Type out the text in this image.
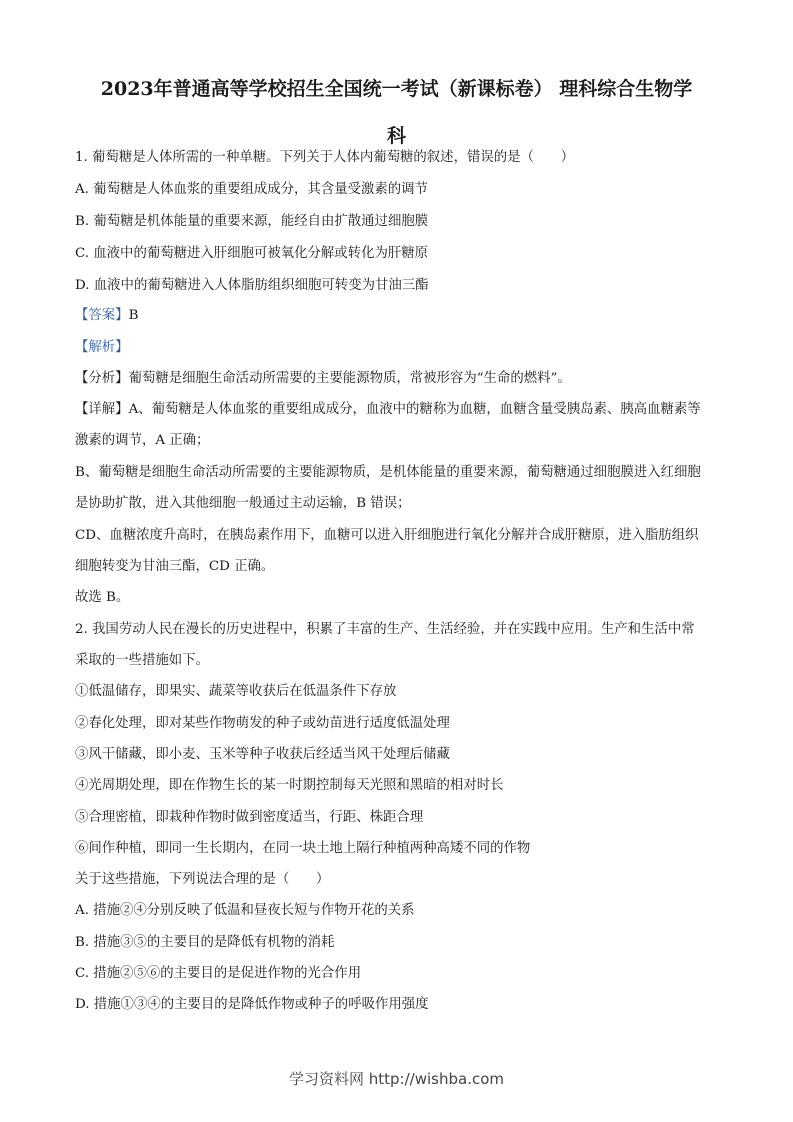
2023年普通高等学校招生全国统一考试（新课标卷） 理科综合生物学
科
1. 葡萄糖是人体所需的一种单糖。下列关于人体内葡萄糖的叙述，错误的是（　　）
A. 葡萄糖是人体血浆的重要组成成分，其含量受激素的调节
B. 葡萄糖是机体能量的重要来源，能经自由扩散通过细胞膜
C. 血液中的葡萄糖进入肝细胞可被氧化分解或转化为肝糖原
D. 血液中的葡萄糖进入人体脂肪组织细胞可转变为甘油三酯
【答案】B
【解析】
【分析】葡萄糖是细胞生命活动所需要的主要能源物质，常被形容为“生命的燃料”。
【详解】A、葡萄糖是人体血浆的重要组成成分，血液中的糖称为血糖，血糖含量受胰岛素、胰高血糖素等
激素的调节，A 正确；
B、葡萄糖是细胞生命活动所需要的主要能源物质，是机体能量的重要来源，葡萄糖通过细胞膜进入红细胞
是协助扩散，进入其他细胞一般通过主动运输，B 错误；
CD、血糖浓度升高时，在胰岛素作用下，血糖可以进入肝细胞进行氧化分解并合成肝糖原，进入脂肪组织
细胞转变为甘油三酯，CD 正确。
故选 B。
2. 我国劳动人民在漫长的历史进程中，积累了丰富的生产、生活经验，并在实践中应用。生产和生活中常
采取的一些措施如下。
①低温储存，即果实、蔬菜等收获后在低温条件下存放
②春化处理，即对某些作物萌发的种子或幼苗进行适度低温处理
③风干储藏，即小麦、玉米等种子收获后经适当风干处理后储藏
④光周期处理，即在作物生长的某一时期控制每天光照和黑暗的相对时长
⑤合理密植，即栽种作物时做到密度适当，行距、株距合理
⑥间作种植，即同一生长期内，在同一块土地上隔行种植两种高矮不同的作物
关于这些措施，下列说法合理的是（　　）
A. 措施②④分别反映了低温和昼夜长短与作物开花的关系
B. 措施③⑤的主要目的是降低有机物的消耗
C. 措施②⑤⑥的主要目的是促进作物的光合作用
D. 措施①③④的主要目的是降低作物或种子的呼吸作用强度
学习资料网 http://wishba.com
